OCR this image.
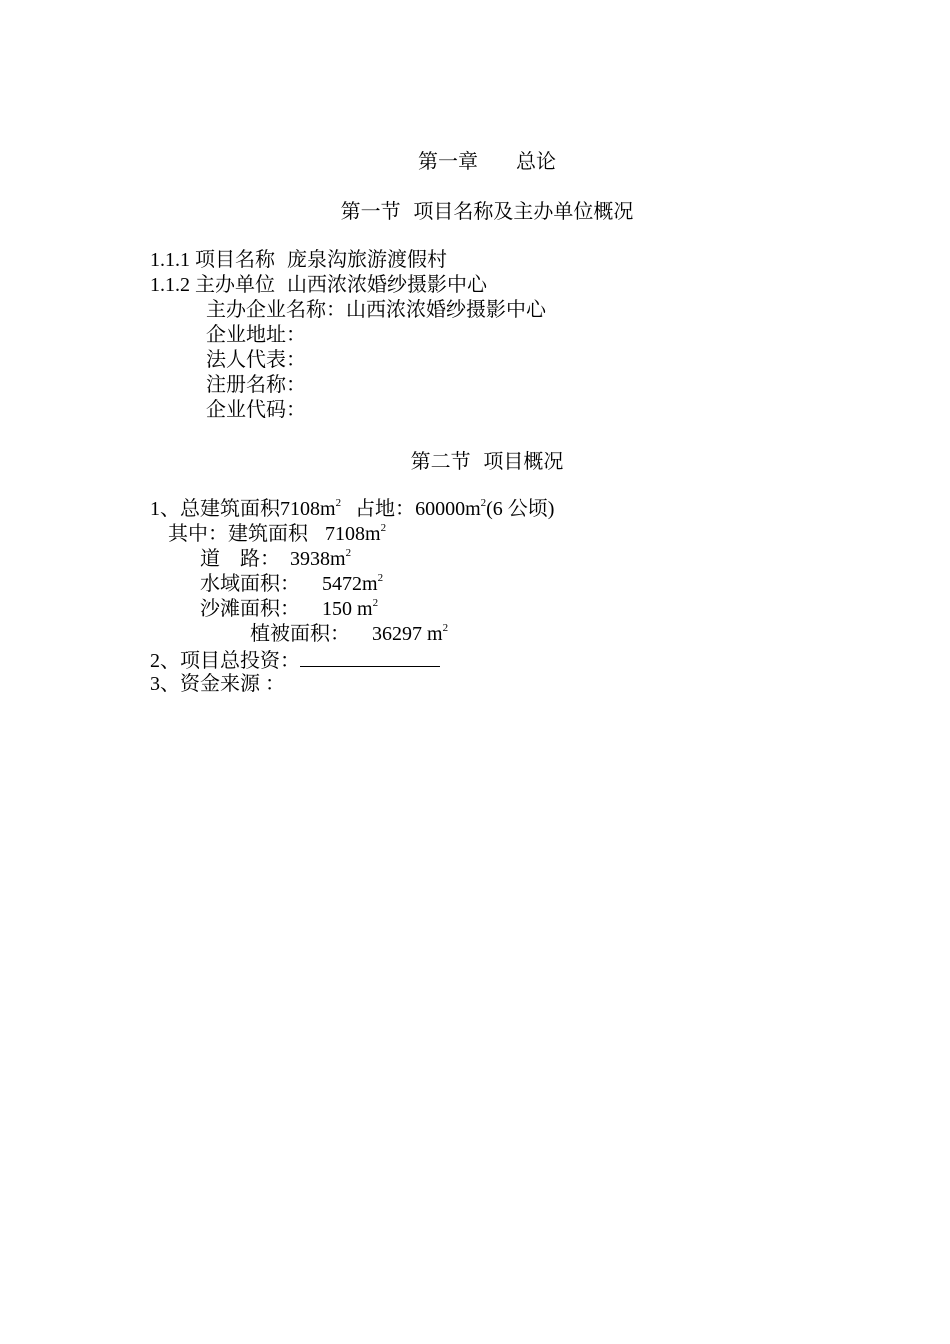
第一章 总论
第一节  项目名称及主办单位概况
1.1.1 项目名称 庞泉沟旅游渡假村
1.1.2 主办单位 山西浓浓婚纱摄影中心
主办企业名称：山西浓浓婚纱摄影中心
企业地址：
法人代表：
注册名称：
企业代码：
第二节  项目概况
1、总建筑面积$7108m^2$ 占地：$60000m^2(6$ 公顷)
其中：建筑面积 $7108m^2$
道    路： $3938m^2$
水域面积： $5472m^2$
沙滩面积： 150 $m^2$
植被面积： 36297 $m^2$
2、项目总投资：
3、资金来源 ：
